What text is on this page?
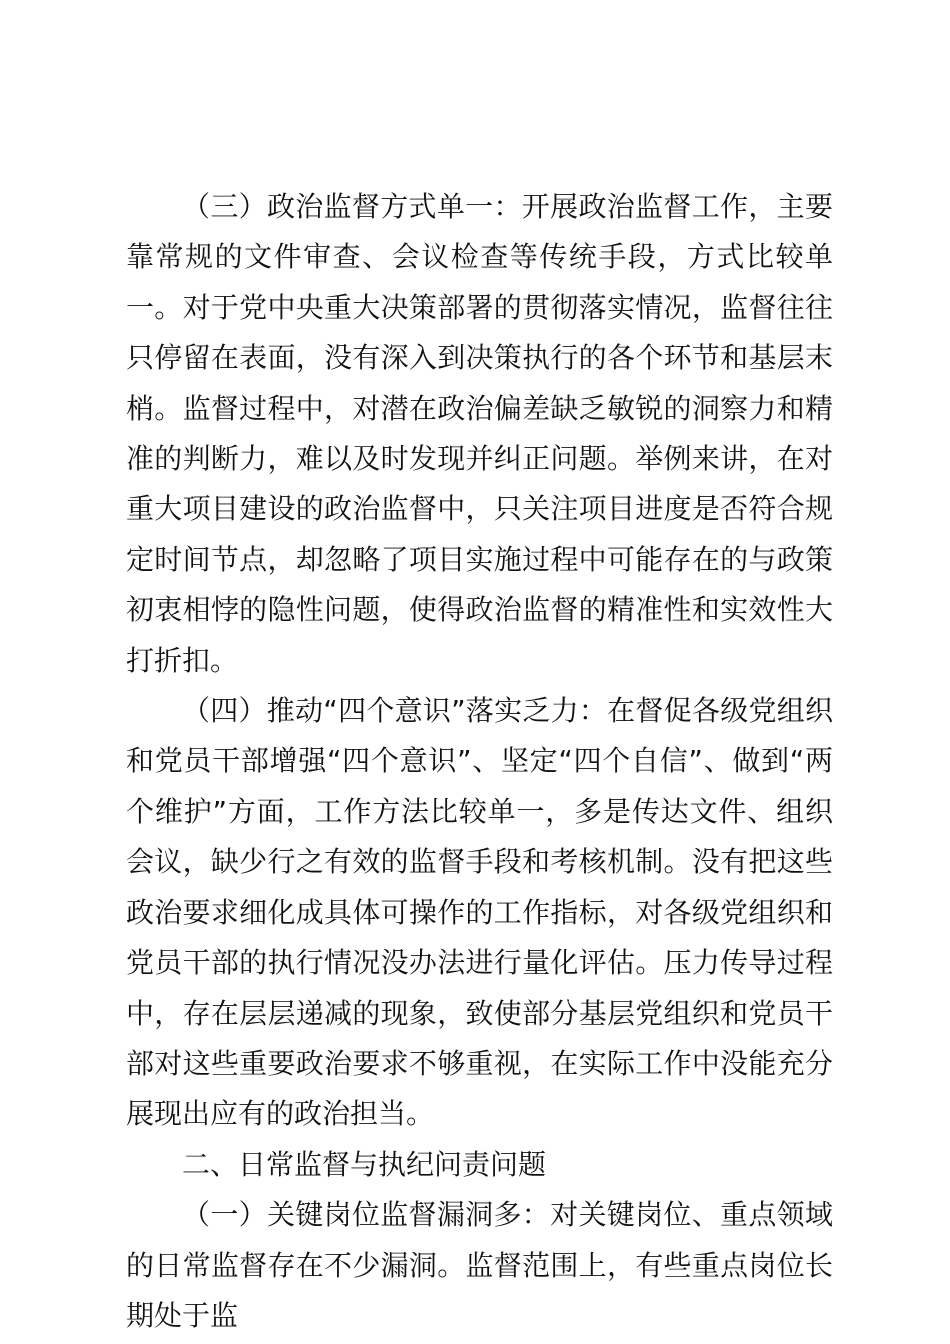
（三）政治监督方式单一：开展政治监督工作，主要靠常规的文件审查、会议检查等传统手段，方式比较单一。对于党中央重大决策部署的贯彻落实情况，监督往往只停留在表面，没有深入到决策执行的各个环节和基层末梢。监督过程中，对潜在政治偏差缺乏敏锐的洞察力和精准的判断力，难以及时发现并纠正问题。举例来讲，在对重大项目建设的政治监督中，只关注项目进度是否符合规定时间节点，却忽略了项目实施过程中可能存在的与政策初衷相悖的隐性问题，使得政治监督的精准性和实效性大打折扣。

（四）推动“四个意识”落实乏力：在督促各级党组织和党员干部增强“四个意识”、坚定“四个自信”、做到“两个维护”方面，工作方法比较单一，多是传达文件、组织会议，缺少行之有效的监督手段和考核机制。没有把这些政治要求细化成具体可操作的工作指标，对各级党组织和党员干部的执行情况没办法进行量化评估。压力传导过程中，存在层层递减的现象，致使部分基层党组织和党员干部对这些重要政治要求不够重视，在实际工作中没能充分展现出应有的政治担当。

二、日常监督与执纪问责问题

（一）关键岗位监督漏洞多：对关键岗位、重点领域的日常监督存在不少漏洞。监督范围上，有些重点岗位长期处于监
